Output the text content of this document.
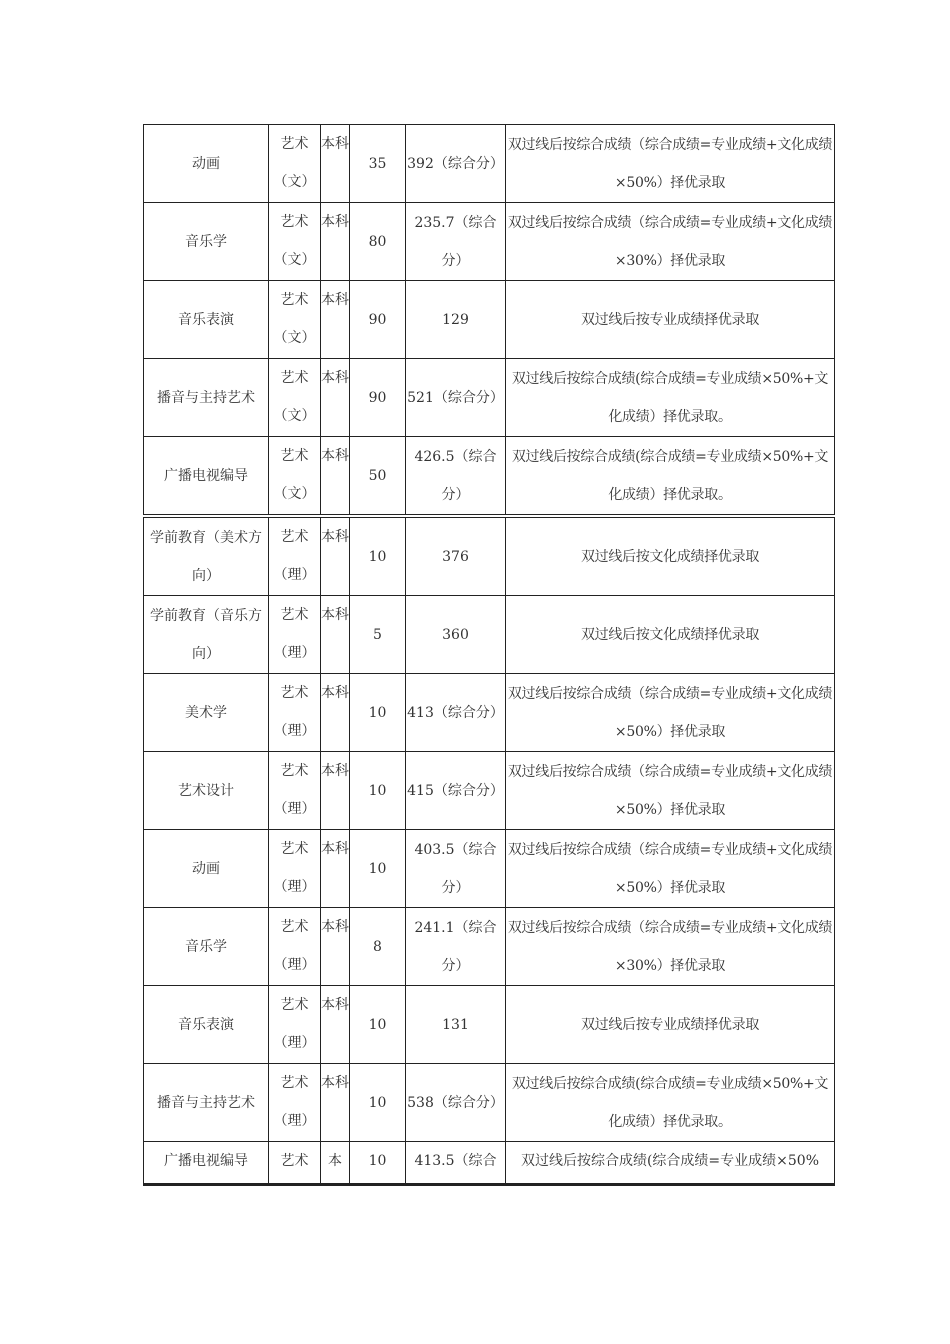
动画	艺术（文）	本科	35	392（综合分）	双过线后按综合成绩（综合成绩=专业成绩+文化成绩×50%）择优录取
音乐学	艺术（文）	本科	80	235.7（综合分）	双过线后按综合成绩（综合成绩=专业成绩+文化成绩×30%）择优录取
音乐表演	艺术（文）	本科	90	129	双过线后按专业成绩择优录取
播音与主持艺术	艺术（文）	本科	90	521（综合分）	双过线后按综合成绩(综合成绩=专业成绩×50%+文化成绩）择优录取。
广播电视编导	艺术（文）	本科	50	426.5（综合分）	双过线后按综合成绩(综合成绩=专业成绩×50%+文化成绩）择优录取。
学前教育（美术方向）	艺术（理）	本科	10	376	双过线后按文化成绩择优录取
学前教育（音乐方向）	艺术（理）	本科	5	360	双过线后按文化成绩择优录取
美术学	艺术（理）	本科	10	413（综合分）	双过线后按综合成绩（综合成绩=专业成绩+文化成绩×50%）择优录取
艺术设计	艺术（理）	本科	10	415（综合分）	双过线后按综合成绩（综合成绩=专业成绩+文化成绩×50%）择优录取
动画	艺术（理）	本科	10	403.5（综合分）	双过线后按综合成绩（综合成绩=专业成绩+文化成绩×50%）择优录取
音乐学	艺术（理）	本科	8	241.1（综合分）	双过线后按综合成绩（综合成绩=专业成绩+文化成绩×30%）择优录取
音乐表演	艺术（理）	本科	10	131	双过线后按专业成绩择优录取
播音与主持艺术	艺术（理）	本科	10	538（综合分）	双过线后按综合成绩(综合成绩=专业成绩×50%+文化成绩）择优录取。
广播电视编导	艺术	本	10	413.5（综合	双过线后按综合成绩(综合成绩=专业成绩×50%
